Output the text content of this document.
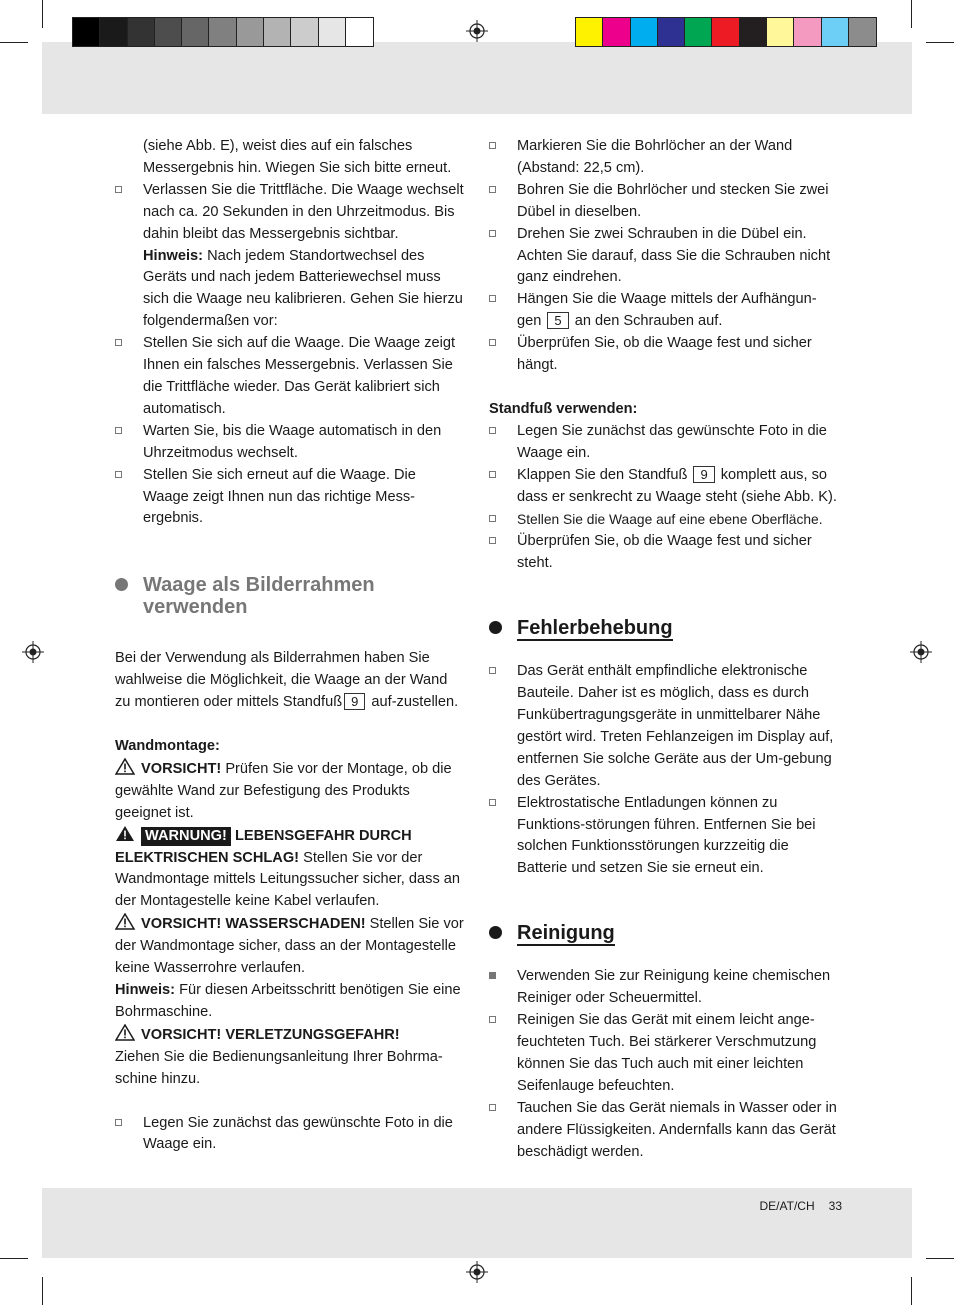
(siehe Abb. E), weist dies auf ein falsches Messergebnis hin. Wiegen Sie sich bitte erneut.

Verlassen Sie die Trittfläche. Die Waage wechselt nach ca. 20 Sekunden in den Uhrzeitmodus. Bis dahin bleibt das Messergebnis sichtbar.
Hinweis: Nach jedem Standortwechsel des Geräts und nach jedem Batteriewechsel muss sich die Waage neu kalibrieren. Gehen Sie hierzu folgendermaßen vor:
Stellen Sie sich auf die Waage. Die Waage zeigt Ihnen ein falsches Messergebnis. Verlassen Sie die Trittfläche wieder. Das Gerät kalibriert sich automatisch.
Warten Sie, bis die Waage automatisch in den Uhrzeitmodus wechselt.
Stellen Sie sich erneut auf die Waage. Die Waage zeigt Ihnen nun das richtige Mess-ergebnis.
Waage als Bilderrahmen verwenden

Bei der Verwendung als Bilderrahmen haben Sie wahlweise die Möglichkeit, die Waage an der Wand zu montieren oder mittels Standfuß 9 auf-zustellen.

Wandmontage:

VORSICHT! Prüfen Sie vor der Montage, ob die gewählte Wand zur Befestigung des Produkts geeignet ist.

WARNUNG! LEBENSGEFAHR DURCH ELEKTRISCHEN SCHLAG! Stellen Sie vor der Wandmontage mittels Leitungssucher sicher, dass an der Montagestelle keine Kabel verlaufen.

VORSICHT! WASSERSCHADEN! Stellen Sie vor der Wandmontage sicher, dass an der Montagestelle keine Wasserrohre verlaufen.

Hinweis: Für diesen Arbeitsschritt benötigen Sie eine Bohrmaschine.

VORSICHT! VERLETZUNGSGEFAHR!
Ziehen Sie die Bedienungsanleitung Ihrer Bohrma-schine hinzu.

Legen Sie zunächst das gewünschte Foto in die Waage ein.
Markieren Sie die Bohrlöcher an der Wand (Abstand: 22,5 cm).
Bohren Sie die Bohrlöcher und stecken Sie zwei Dübel in dieselben.
Drehen Sie zwei Schrauben in die Dübel ein. Achten Sie darauf, dass Sie die Schrauben nicht ganz eindrehen.
Hängen Sie die Waage mittels der Aufhängun-gen 5 an den Schrauben auf.
Überprüfen Sie, ob die Waage fest und sicher hängt.

Standfuß verwenden:

Legen Sie zunächst das gewünschte Foto in die Waage ein.
Klappen Sie den Standfuß 9 komplett aus, so dass er senkrecht zu Waage steht (siehe Abb. K).
Stellen Sie die Waage auf eine ebene Oberfläche.
Überprüfen Sie, ob die Waage fest und sicher steht.
Fehlerbehebung
Das Gerät enthält empfindliche elektronische Bauteile. Daher ist es möglich, dass es durch Funkübertragungsgeräte in unmittelbarer Nähe gestört wird. Treten Fehlanzeigen im Display auf, entfernen Sie solche Geräte aus der Um-gebung des Gerätes.
Elektrostatische Entladungen können zu Funktions-störungen führen. Entfernen Sie bei solchen Funktionsstörungen kurzzeitig die Batterie und setzen Sie sie erneut ein.
Reinigung
Verwenden Sie zur Reinigung keine chemischen Reiniger oder Scheuermittel.
Reinigen Sie das Gerät mit einem leicht ange-feuchteten Tuch. Bei stärkerer Verschmutzung können Sie das Tuch auch mit einer leichten Seifenlauge befeuchten.
Tauchen Sie das Gerät niemals in Wasser oder in andere Flüssigkeiten. Andernfalls kann das Gerät beschädigt werden.
DE/AT/CH 33
